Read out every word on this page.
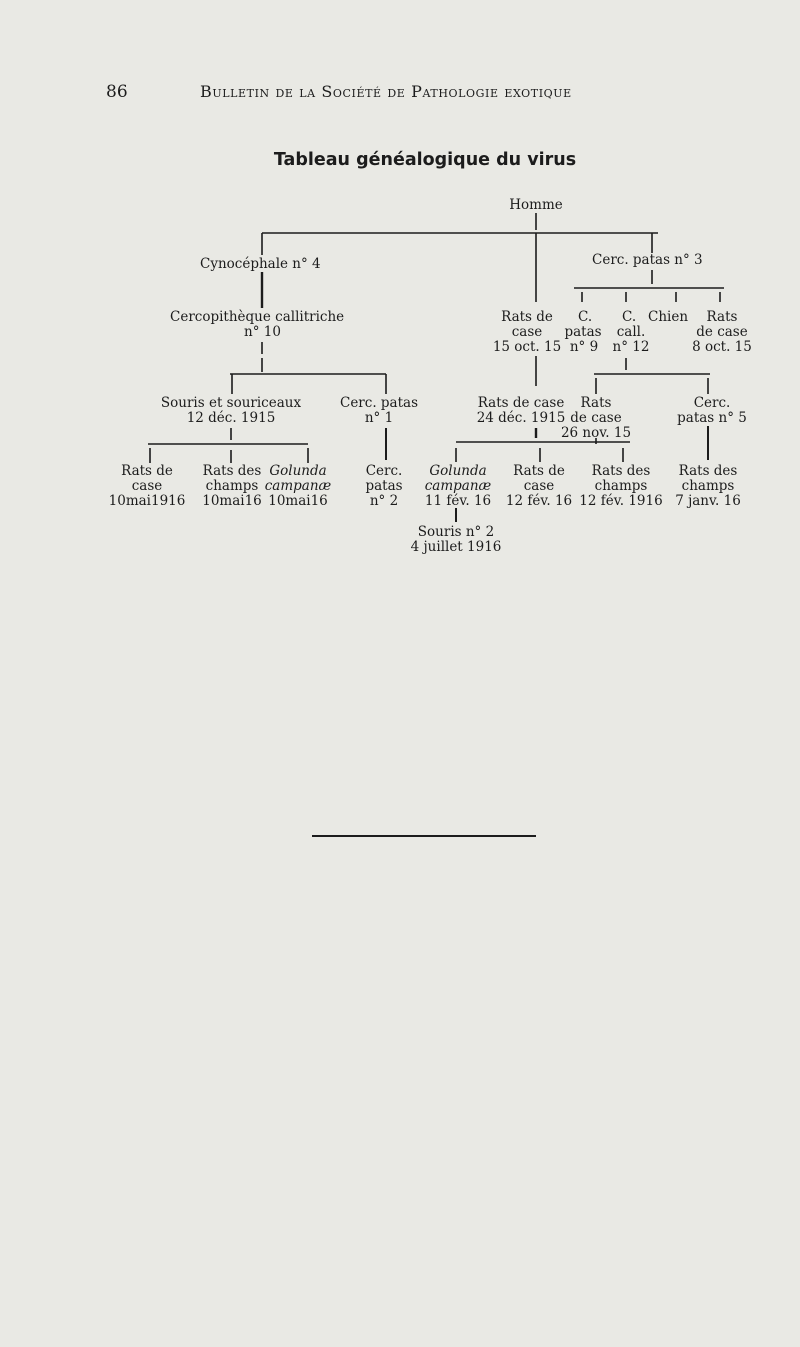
86	Bulletin de la Société de Pathologie exotique
Tableau généalogique du virus
Homme
Cynocéphale n° 4
Cercopithèque callitriche
n° 10
Souris et souriceaux
12 déc. 1915
Cerc. patas
n° 1
Rats de
case
10mai1916
Rats des
champs
10mai16
Golunda
campanæ
10mai16
Cerc.
patas
n° 2
Rats de
case
15 oct. 15
Rats de case
24 déc. 1915
Golunda
campanæ
11 fév. 16
Rats de
case
12 fév. 16
Souris n° 2
4 juillet 1916
Cerc. patas n° 3
C.
patas
n° 9
C.
call.
n° 12
Chien	Rats
de case
8 oct. 15
Rats
de case
26 nov. 15
Cerc.
patas n° 5
Rats des
champs
12 fév. 1916
Rats des
champs
7 janv. 16
